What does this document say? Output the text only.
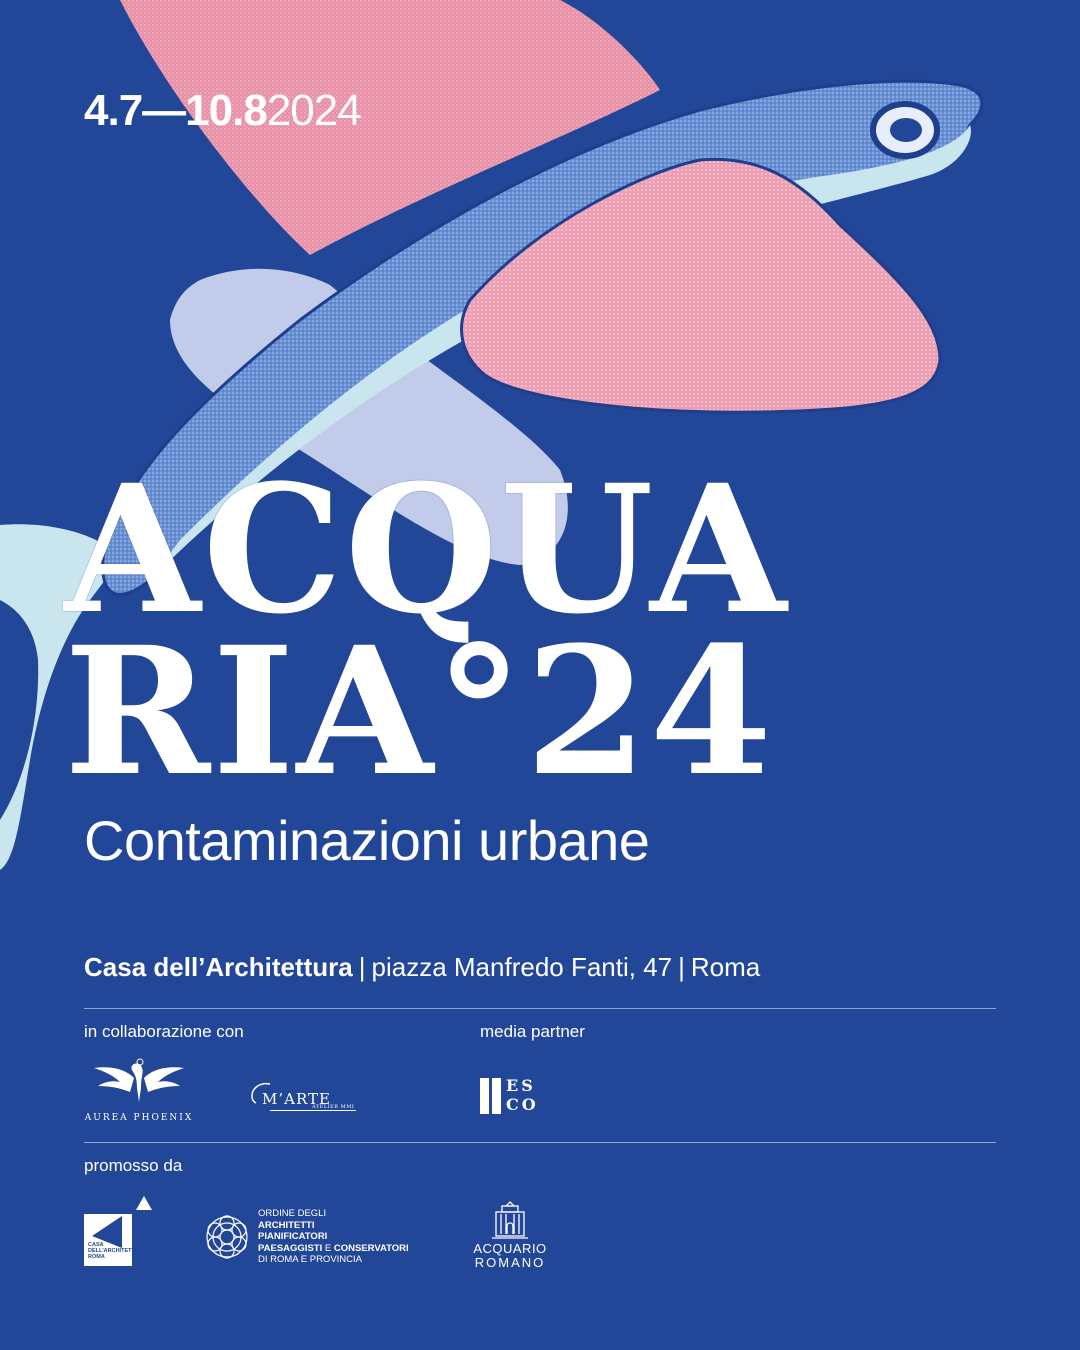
4.7—10.82024
ACQUA
RIA°24
Contaminazioni urbane
Casa dell’Architettura | piazza Manfredo Fanti, 47 | Roma
in collaborazione con	media partner
AUREA PHOENIX
M’ARTE
ATELIER MMI
ES
CO
promosso da
CASA
DELL'ARCHITETTURA
ROMA
ORDINE DEGLI
ARCHITETTI
PIANIFICATORI
PAESAGGISTI E CONSERVATORI
DI ROMA E PROVINCIA
ACQUARIO
ROMANO
